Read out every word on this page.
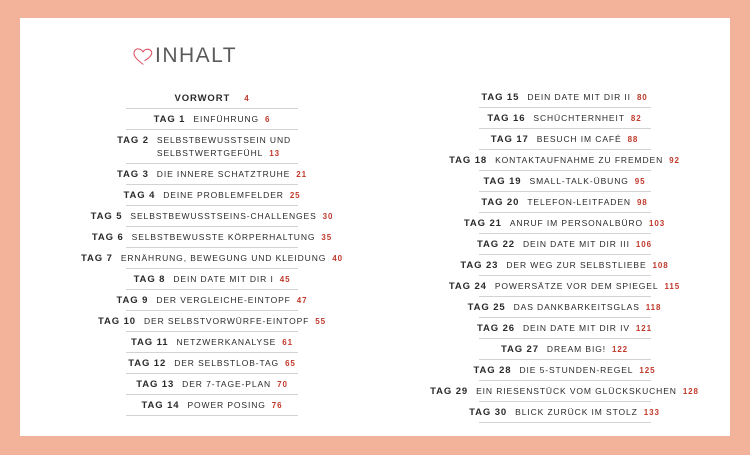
INHALT
VORWORT	4
TAG 1 EINFÜHRUNG 6
TAG 2 SELBSTBEWUSSTSEIN UND SELBSTWERTGEFÜHL 13
TAG 3 DIE INNERE SCHATZTRUHE 21
TAG 4 DEINE PROBLEMFELDER 25
TAG 5 SELBSTBEWUSSTSEINS-CHALLENGES 30
TAG 6 SELBSTBEWUSSTE KÖRPERHALTUNG 35
TAG 7 ERNÄHRUNG, BEWEGUNG UND KLEIDUNG 40
TAG 8 DEIN DATE MIT DIR I 45
TAG 9 DER VERGLEICHE-EINTOPF 47
TAG 10 DER SELBSTVORWÜRFE-EINTOPF 55
TAG 11 NETZWERKANALYSE 61
TAG 12 DER SELBSTLOB-TAG 65
TAG 13 DER 7-TAGE-PLAN 70
TAG 14 POWER POSING 76
TAG 15 DEIN DATE MIT DIR II 80
TAG 16 SCHÜCHTERNHEIT 82
TAG 17 BESUCH IM CAFÉ 88
TAG 18 KONTAKTAUFNAHME ZU FREMDEN 92
TAG 19 SMALL-TALK-ÜBUNG 95
TAG 20 TELEFON-LEITFADEN 98
TAG 21 ANRUF IM PERSONALBÜRO 103
TAG 22 DEIN DATE MIT DIR III 106
TAG 23 DER WEG ZUR SELBSTLIEBE 108
TAG 24 POWERSÄTZE VOR DEM SPIEGEL 115
TAG 25 DAS DANKBARKEITSGLAS 118
TAG 26 DEIN DATE MIT DIR IV 121
TAG 27 DREAM BIG! 122
TAG 28 DIE 5-STUNDEN-REGEL 125
TAG 29 EIN RIESENSTÜCK VOM GLÜCKSKUCHEN 128
TAG 30 BLICK ZURÜCK IM STOLZ 133
